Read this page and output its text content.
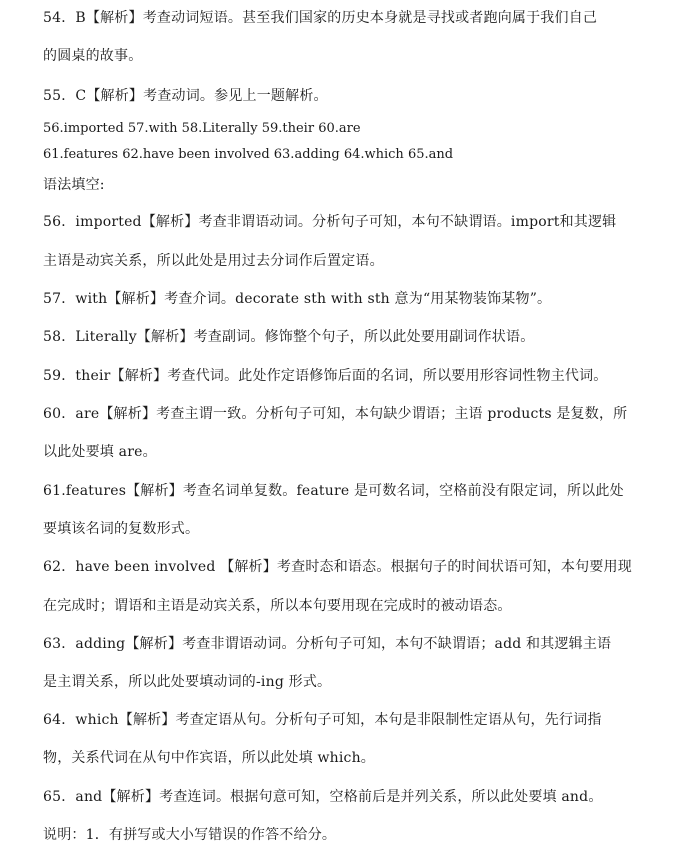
54．B【解析】考查动词短语。甚至我们国家的历史本身就是寻找或者跑向属于我们自己
的圆桌的故事。
55．C【解析】考查动词。参见上一题解析。
56.imported 57.with 58.Literally 59.their 60.are
61.features 62.have been involved 63.adding 64.which 65.and
语法填空:
56．imported【解析】考查非谓语动词。分析句子可知，本句不缺谓语。import和其逻辑
主语是动宾关系，所以此处是用过去分词作后置定语。
57．with【解析】考查介词。decorate sth with sth 意为“用某物装饰某物”。
58．Literally【解析】考查副词。修饰整个句子，所以此处要用副词作状语。
59．their【解析】考查代词。此处作定语修饰后面的名词，所以要用形容词性物主代词。
60．are【解析】考查主谓一致。分析句子可知，本句缺少谓语；主语 products 是复数，所
以此处要填 are。
61.features【解析】考查名词单复数。feature 是可数名词，空格前没有限定词，所以此处
要填该名词的复数形式。
62．have been involved 【解析】考查时态和语态。根据句子的时间状语可知，本句要用现
在完成时；谓语和主语是动宾关系，所以本句要用现在完成时的被动语态。
63．adding【解析】考查非谓语动词。分析句子可知，本句不缺谓语；add 和其逻辑主语
是主谓关系，所以此处要填动词的-ing 形式。
64．which【解析】考查定语从句。分析句子可知，本句是非限制性定语从句，先行词指
物，关系代词在从句中作宾语，所以此处填 which。
65．and【解析】考查连词。根据句意可知，空格前后是并列关系，所以此处要填 and。
说明：1．有拼写或大小写错误的作答不给分。
